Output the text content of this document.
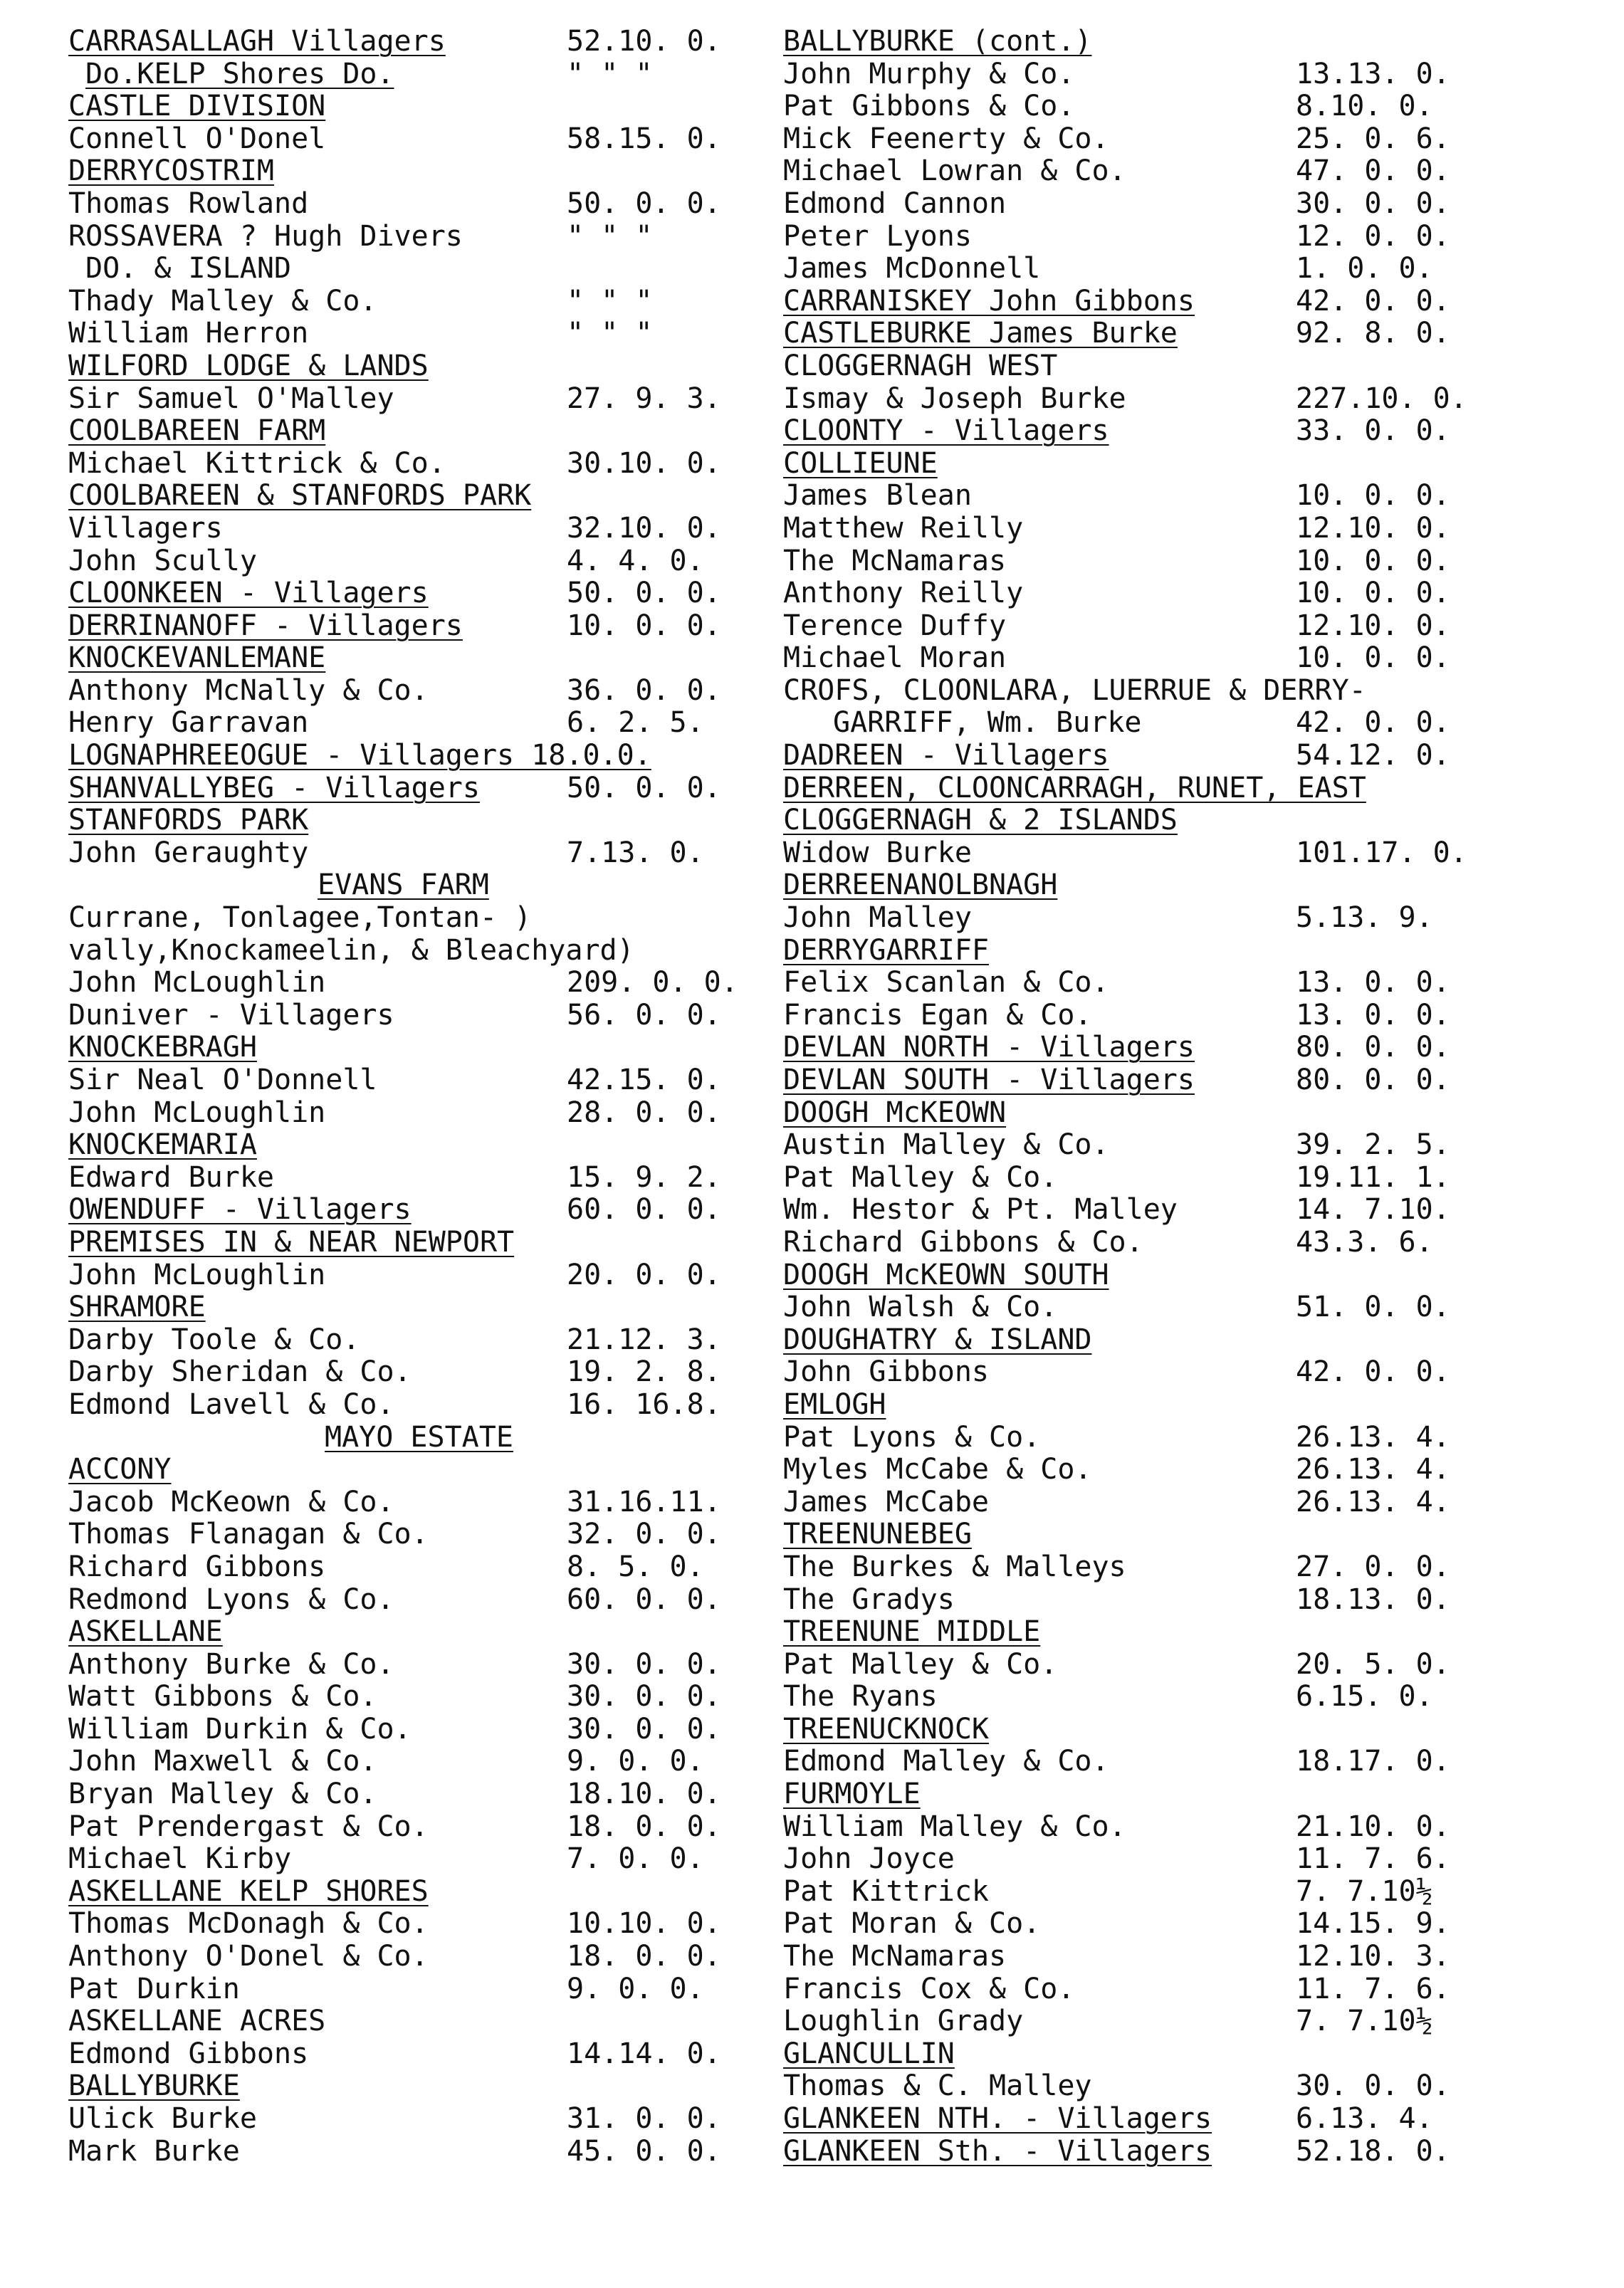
CARRASALLAGH Villagers	52.10. 0.
Do.KELP Shores Do.	" " "
CASTLE DIVISION
Connell O'Donel	58.15. 0.
DERRYCOSTRIM
Thomas Rowland	50. 0. 0.
ROSSAVERA ? Hugh Divers	" " "
DO. & ISLAND
Thady Malley & Co.	" " "
William Herron	" " "
WILFORD LODGE & LANDS
Sir Samuel O'Malley	27. 9. 3.
COOLBAREEN FARM
Michael Kittrick & Co.	30.10. 0.
COOLBAREEN & STANFORDS PARK
Villagers	32.10. 0.
John Scully	4. 4. 0.
CLOONKEEN - Villagers	50. 0. 0.
DERRINANOFF - Villagers	10. 0. 0.
KNOCKEVANLEMANE
Anthony McNally & Co.	36. 0. 0.
Henry Garravan	6. 2. 5.
LOGNAPHREEOGUE - Villagers 18.0.0.
SHANVALLYBEG - Villagers	50. 0. 0.
STANFORDS PARK
John Geraughty	7.13. 0.
EVANS FARM
Currane, Tonlagee,Tontan- )
vally,Knockameelin, & Bleachyard)
John McLoughlin	209. 0. 0.
Duniver - Villagers	56. 0. 0.
KNOCKEBRAGH
Sir Neal O'Donnell	42.15. 0.
John McLoughlin	28. 0. 0.
KNOCKEMARIA
Edward Burke	15. 9. 2.
OWENDUFF - Villagers	60. 0. 0.
PREMISES IN & NEAR NEWPORT
John McLoughlin	20. 0. 0.
SHRAMORE
Darby Toole & Co.	21.12. 3.
Darby Sheridan & Co.	19. 2. 8.
Edmond Lavell & Co.	16. 16.8.
MAYO ESTATE
ACCONY
Jacob McKeown & Co.	31.16.11.
Thomas Flanagan & Co.	32. 0. 0.
Richard Gibbons	8. 5. 0.
Redmond Lyons & Co.	60. 0. 0.
ASKELLANE
Anthony Burke & Co.	30. 0. 0.
Watt Gibbons & Co.	30. 0. 0.
William Durkin & Co.	30. 0. 0.
John Maxwell & Co.	9. 0. 0.
Bryan Malley & Co.	18.10. 0.
Pat Prendergast & Co.	18. 0. 0.
Michael Kirby	7. 0. 0.
ASKELLANE KELP SHORES
Thomas McDonagh & Co.	10.10. 0.
Anthony O'Donel & Co.	18. 0. 0.
Pat Durkin	9. 0. 0.
ASKELLANE ACRES
Edmond Gibbons	14.14. 0.
BALLYBURKE
Ulick Burke	31. 0. 0.
Mark Burke	45. 0. 0.
BALLYBURKE (cont.)
John Murphy & Co.	13.13. 0.
Pat Gibbons & Co.	8.10. 0.
Mick Feenerty & Co.	25. 0. 6.
Michael Lowran & Co.	47. 0. 0.
Edmond Cannon	30. 0. 0.
Peter Lyons	12. 0. 0.
James McDonnell	1. 0. 0.
CARRANISKEY John Gibbons	42. 0. 0.
CASTLEBURKE James Burke	92. 8. 0.
CLOGGERNAGH WEST
Ismay & Joseph Burke	227.10. 0.
CLOONTY - Villagers	33. 0. 0.
COLLIEUNE
James Blean	10. 0. 0.
Matthew Reilly	12.10. 0.
The McNamaras	10. 0. 0.
Anthony Reilly	10. 0. 0.
Terence Duffy	12.10. 0.
Michael Moran	10. 0. 0.
CROFS, CLOONLARA, LUERRUE & DERRY-
GARRIFF, Wm. Burke	42. 0. 0.
DADREEN - Villagers	54.12. 0.
DERREEN, CLOONCARRAGH, RUNET, EAST
CLOGGERNAGH & 2 ISLANDS
Widow Burke	101.17. 0.
DERREENANOLBNAGH
John Malley	5.13. 9.
DERRYGARRIFF
Felix Scanlan & Co.	13. 0. 0.
Francis Egan & Co.	13. 0. 0.
DEVLAN NORTH - Villagers	80. 0. 0.
DEVLAN SOUTH - Villagers	80. 0. 0.
DOOGH McKEOWN
Austin Malley & Co.	39. 2. 5.
Pat Malley & Co.	19.11. 1.
Wm. Hestor & Pt. Malley	14. 7.10.
Richard Gibbons & Co.	43.3. 6.
DOOGH McKEOWN SOUTH
John Walsh & Co.	51. 0. 0.
DOUGHATRY & ISLAND
John Gibbons	42. 0. 0.
EMLOGH
Pat Lyons & Co.	26.13. 4.
Myles McCabe & Co.	26.13. 4.
James McCabe	26.13. 4.
TREENUNEBEG
The Burkes & Malleys	27. 0. 0.
The Gradys	18.13. 0.
TREENUNE MIDDLE
Pat Malley & Co.	20. 5. 0.
The Ryans	6.15. 0.
TREENUCKNOCK
Edmond Malley & Co.	18.17. 0.
FURMOYLE
William Malley & Co.	21.10. 0.
John Joyce	11. 7. 6.
Pat Kittrick	7. 7.10½
Pat Moran & Co.	14.15. 9.
The McNamaras	12.10. 3.
Francis Cox & Co.	11. 7. 6.
Loughlin Grady	7. 7.10½
GLANCULLIN
Thomas & C. Malley	30. 0. 0.
GLANKEEN NTH. - Villagers	6.13. 4.
GLANKEEN Sth. - Villagers	52.18. 0.
